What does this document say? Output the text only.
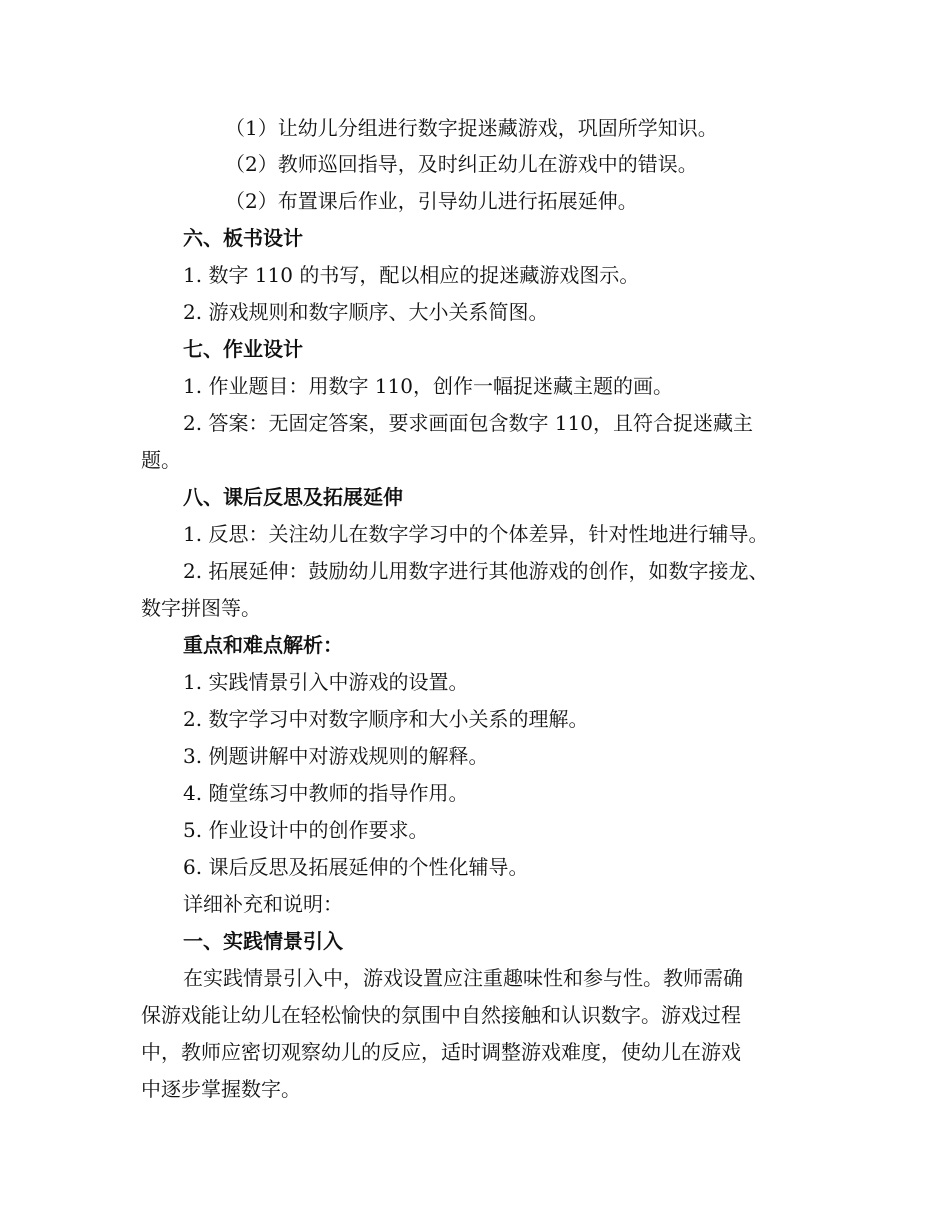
（1）让幼儿分组进行数字捉迷藏游戏，巩固所学知识。
（2）教师巡回指导，及时纠正幼儿在游戏中的错误。
（2）布置课后作业，引导幼儿进行拓展延伸。
六、板书设计
1. 数字 110 的书写，配以相应的捉迷藏游戏图示。
2. 游戏规则和数字顺序、大小关系简图。
七、作业设计
1. 作业题目：用数字 110，创作一幅捉迷藏主题的画。
2. 答案：无固定答案，要求画面包含数字 110，且符合捉迷藏主
题。
八、课后反思及拓展延伸
1. 反思：关注幼儿在数字学习中的个体差异，针对性地进行辅导。
2. 拓展延伸：鼓励幼儿用数字进行其他游戏的创作，如数字接龙、
数字拼图等。
重点和难点解析：
1. 实践情景引入中游戏的设置。
2. 数字学习中对数字顺序和大小关系的理解。
3. 例题讲解中对游戏规则的解释。
4. 随堂练习中教师的指导作用。
5. 作业设计中的创作要求。
6. 课后反思及拓展延伸的个性化辅导。
详细补充和说明：
一、实践情景引入
在实践情景引入中，游戏设置应注重趣味性和参与性。教师需确
保游戏能让幼儿在轻松愉快的氛围中自然接触和认识数字。游戏过程
中，教师应密切观察幼儿的反应，适时调整游戏难度，使幼儿在游戏
中逐步掌握数字。
